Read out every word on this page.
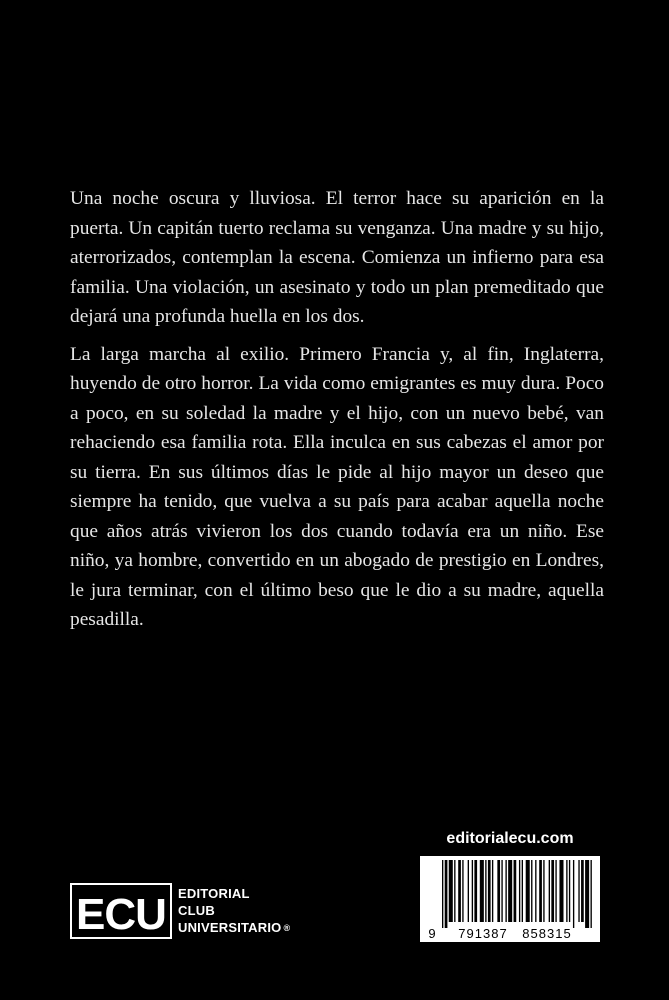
Una noche oscura y lluviosa. El terror hace su aparición en la puerta. Un capitán tuerto reclama su venganza. Una madre y su hijo, aterrorizados, contemplan la escena. Comienza un infierno para esa familia. Una violación, un asesinato y todo un plan premeditado que dejará una profunda huella en los dos.

La larga marcha al exilio. Primero Francia y, al fin, Inglaterra, huyendo de otro horror. La vida como emigrantes es muy dura. Poco a poco, en su soledad la madre y el hijo, con un nuevo bebé, van rehaciendo esa familia rota. Ella inculca en sus cabezas el amor por su tierra. En sus últimos días le pide al hijo mayor un deseo que siempre ha tenido, que vuelva a su país para acabar aquella noche que años atrás vivieron los dos cuando todavía era un niño. Ese niño, ya hombre, convertido en un abogado de prestigio en Londres, le jura terminar, con el último beso que le dio a su madre, aquella pesadilla.

editorialecu.com
9 791387 858315
ECU EDITORIAL
CLUB
UNIVERSITARIO ®
